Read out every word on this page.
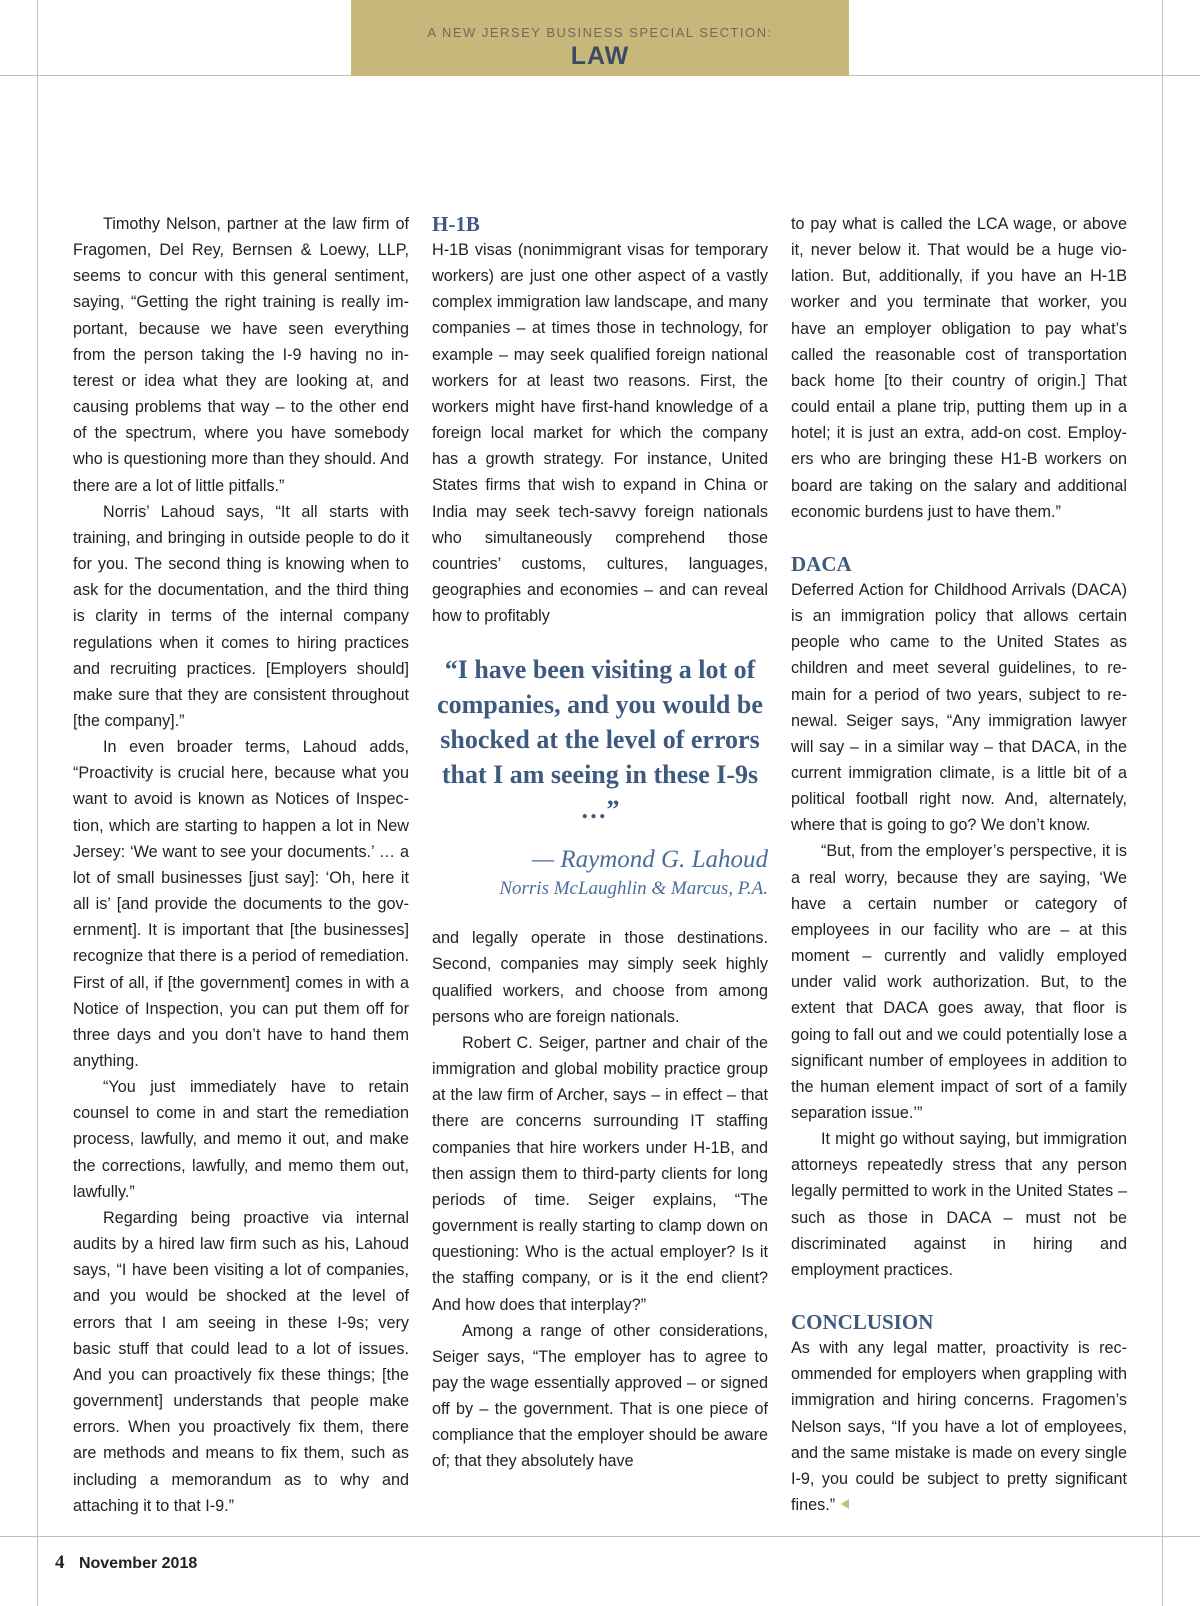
A NEW JERSEY BUSINESS SPECIAL SECTION:
LAW

Timothy Nelson, partner at the law firm of Fragomen, Del Rey, Bernsen & Loewy, LLP, seems to concur with this general sentiment, saying, “Getting the right training is really important, because we have seen everything from the person taking the I-9 having no interest or idea what they are looking at, and causing problems that way – to the other end of the spectrum, where you have somebody who is questioning more than they should. And there are a lot of little pitfalls.”

Norris’ Lahoud says, “It all starts with training, and bringing in outside people to do it for you. The second thing is knowing when to ask for the documentation, and the third thing is clarity in terms of the internal company regulations when it comes to hiring practices and recruiting practices. [Employers should] make sure that they are consistent throughout [the company].”

In even broader terms, Lahoud adds, “Proactivity is crucial here, because what you want to avoid is known as Notices of Inspection, which are starting to happen a lot in New Jersey: ‘We want to see your documents.’ … a lot of small businesses [just say]: ‘Oh, here it all is’ [and provide the documents to the government]. It is important that [the businesses] recognize that there is a period of remediation. First of all, if [the government] comes in with a Notice of Inspection, you can put them off for three days and you don’t have to hand them anything.

“You just immediately have to retain counsel to come in and start the remediation process, lawfully, and memo it out, and make the corrections, lawfully, and memo them out, lawfully.”

Regarding being proactive via internal audits by a hired law firm such as his, Lahoud says, “I have been visiting a lot of companies, and you would be shocked at the level of errors that I am seeing in these I-9s; very basic stuff that could lead to a lot of issues. And you can proactively fix these things; [the government] understands that people make errors. When you proactively fix them, there are methods and means to fix them, such as including a memorandum as to why and attaching it to that I-9.”

H-1B

H-1B visas (nonimmigrant visas for temporary workers) are just one other aspect of a vastly complex immigration law landscape, and many companies – at times those in technology, for example – may seek qualified foreign national workers for at least two reasons. First, the workers might have first-hand knowledge of a foreign local market for which the company has a growth strategy. For instance, United States firms that wish to expand in China or India may seek tech-savvy foreign nationals who simultaneously comprehend those countries’ customs, cultures, languages, geographies and economies – and can reveal how to profitably

“I have been visiting a lot of companies, and you would be shocked at the level of errors that I am seeing in these I-9s …”
— Raymond G. Lahoud
Norris McLaughlin & Marcus, P.A.

and legally operate in those destinations. Second, companies may simply seek highly qualified workers, and choose from among persons who are foreign nationals.

Robert C. Seiger, partner and chair of the immigration and global mobility practice group at the law firm of Archer, says – in effect – that there are concerns surrounding IT staffing companies that hire workers under H-1B, and then assign them to third-party clients for long periods of time. Seiger explains, “The government is really starting to clamp down on questioning: Who is the actual employer? Is it the staffing company, or is it the end client? And how does that interplay?”

Among a range of other considerations, Seiger says, “The employer has to agree to pay the wage essentially approved – or signed off by – the government. That is one piece of compliance that the employer should be aware of; that they absolutely have

to pay what is called the LCA wage, or above it, never below it. That would be a huge violation. But, additionally, if you have an H-1B worker and you terminate that worker, you have an employer obligation to pay what’s called the reasonable cost of transportation back home [to their country of origin.] That could entail a plane trip, putting them up in a hotel; it is just an extra, add-on cost. Employers who are bringing these H1-B workers on board are taking on the salary and additional economic burdens just to have them.”

DACA

Deferred Action for Childhood Arrivals (DACA) is an immigration policy that allows certain people who came to the United States as children and meet several guidelines, to remain for a period of two years, subject to renewal. Seiger says, “Any immigration lawyer will say – in a similar way – that DACA, in the current immigration climate, is a little bit of a political football right now. And, alternately, where that is going to go? We don’t know.

“But, from the employer’s perspective, it is a real worry, because they are saying, ‘We have a certain number or category of employees in our facility who are – at this moment – currently and validly employed under valid work authorization. But, to the extent that DACA goes away, that floor is going to fall out and we could potentially lose a significant number of employees in addition to the human element impact of sort of a family separation issue.’”

It might go without saying, but immigration attorneys repeatedly stress that any person legally permitted to work in the United States – such as those in DACA – must not be discriminated against in hiring and employment practices.

CONCLUSION

As with any legal matter, proactivity is recommended for employers when grappling with immigration and hiring concerns. Fragomen’s Nelson says, “If you have a lot of employees, and the same mistake is made on every single I-9, you could be subject to pretty significant fines.”

4 November 2018
